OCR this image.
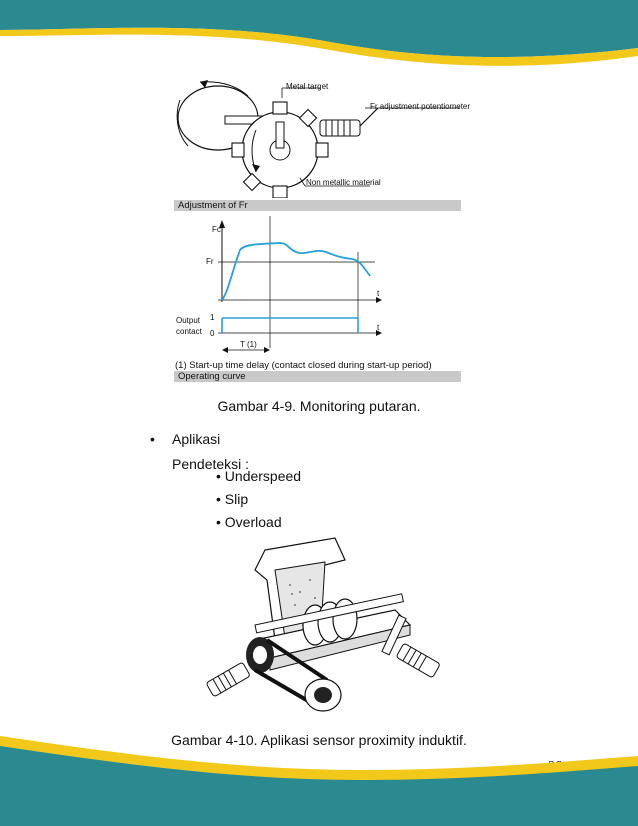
Metal target
Fr adjustment potentiometer
Non metallic material
Adjustment of Fr
Fc
Fr
t
t
Output
contact
1
0
T (1)
(1) Start-up time delay (contact closed during start-up period)
Operating curve
Gambar 4-9. Monitoring putaran.
• Aplikasi
Pendeteksi :
• Underspeed
• Slip
• Overload
Gambar 4-10. Aplikasi sensor proximity induktif.
